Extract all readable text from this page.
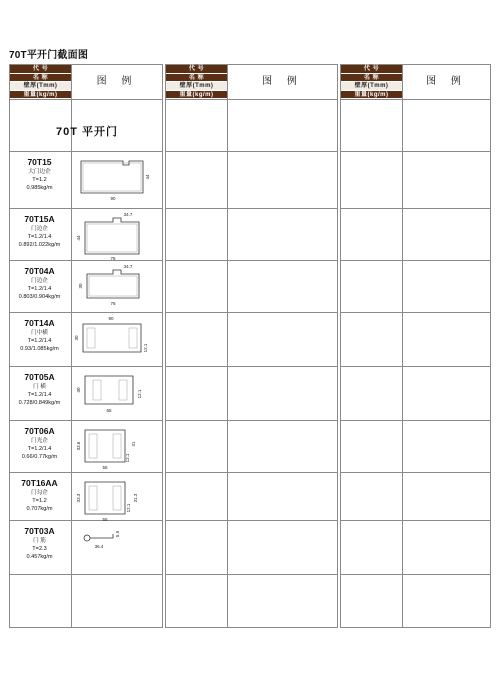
70T平开门截面图
代 号
名 称
壁厚(Tmm)
重量(kg/m)
图 例
70T 平开门
代 号
名 称
壁厚(Tmm)
重量(kg/m)
图 例
代 号
名 称
壁厚(Tmm)
重量(kg/m)
图 例
70T15
大门边企
T=1.2
0.985kg/m
90
44
70T15A
门边企
T=1.2/1.4
0.892/1.022kg/m
34.7
44
76
70T04A
门边企
T=1.2/1.4
0.803/0.904kg/m
34.7
30
76
70T14A
门中横
T=1.2/1.4
0.93/1.085kg/m
90
30
12.1
70T05A
门 横
T=1.2/1.4
0.728/0.849kg/m
30
65
12.1
70T06A
门光企
T=1.2/1.4
0.66/0.77kg/m
33.6	31
55
12.1
70T16AA
门勾企
T=1.2
0.707kg/m
33.3	31.3
55
12.1
70T03A
门 筋
T=2.3
0.457kg/m
5.9
36.4
